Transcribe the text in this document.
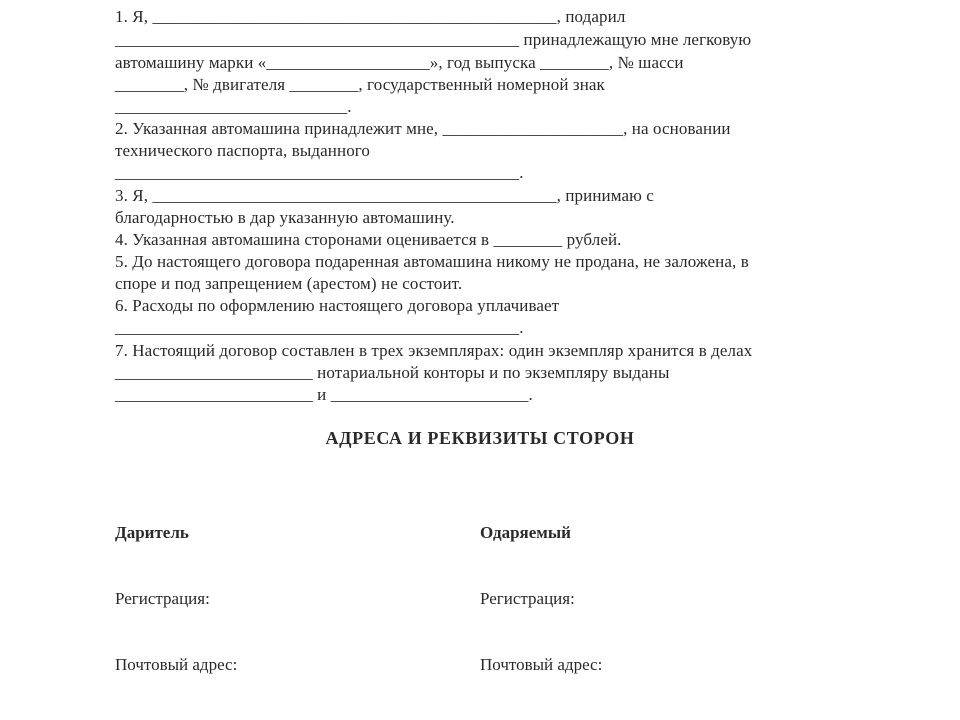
1. Я, _______________________________________________, подарил

_______________________________________________ принадлежащую мне легковую

автомашину марки «___________________», год выпуска ________, № шасси

________, № двигателя ________, государственный номерной знак

___________________________.

2. Указанная автомашина принадлежит мне, _____________________, на основании

технического паспорта, выданного

_______________________________________________.

3. Я, _______________________________________________, принимаю с

благодарностью в дар указанную автомашину.

4. Указанная автомашина сторонами оценивается в ________ рублей.

5. До настоящего договора подаренная автомашина никому не продана, не заложена, в

споре и под запрещением (арестом) не состоит.

6. Расходы по оформлению настоящего договора уплачивает

_______________________________________________.

7. Настоящий договор составлен в трех экземплярах: один экземпляр хранится в делах

_______________________ нотариальной конторы и по экземпляру выданы

_______________________ и _______________________.

АДРЕСА И РЕКВИЗИТЫ СТОРОН

Даритель

Регистрация:

Почтовый адрес:

Одаряемый

Регистрация:

Почтовый адрес:
